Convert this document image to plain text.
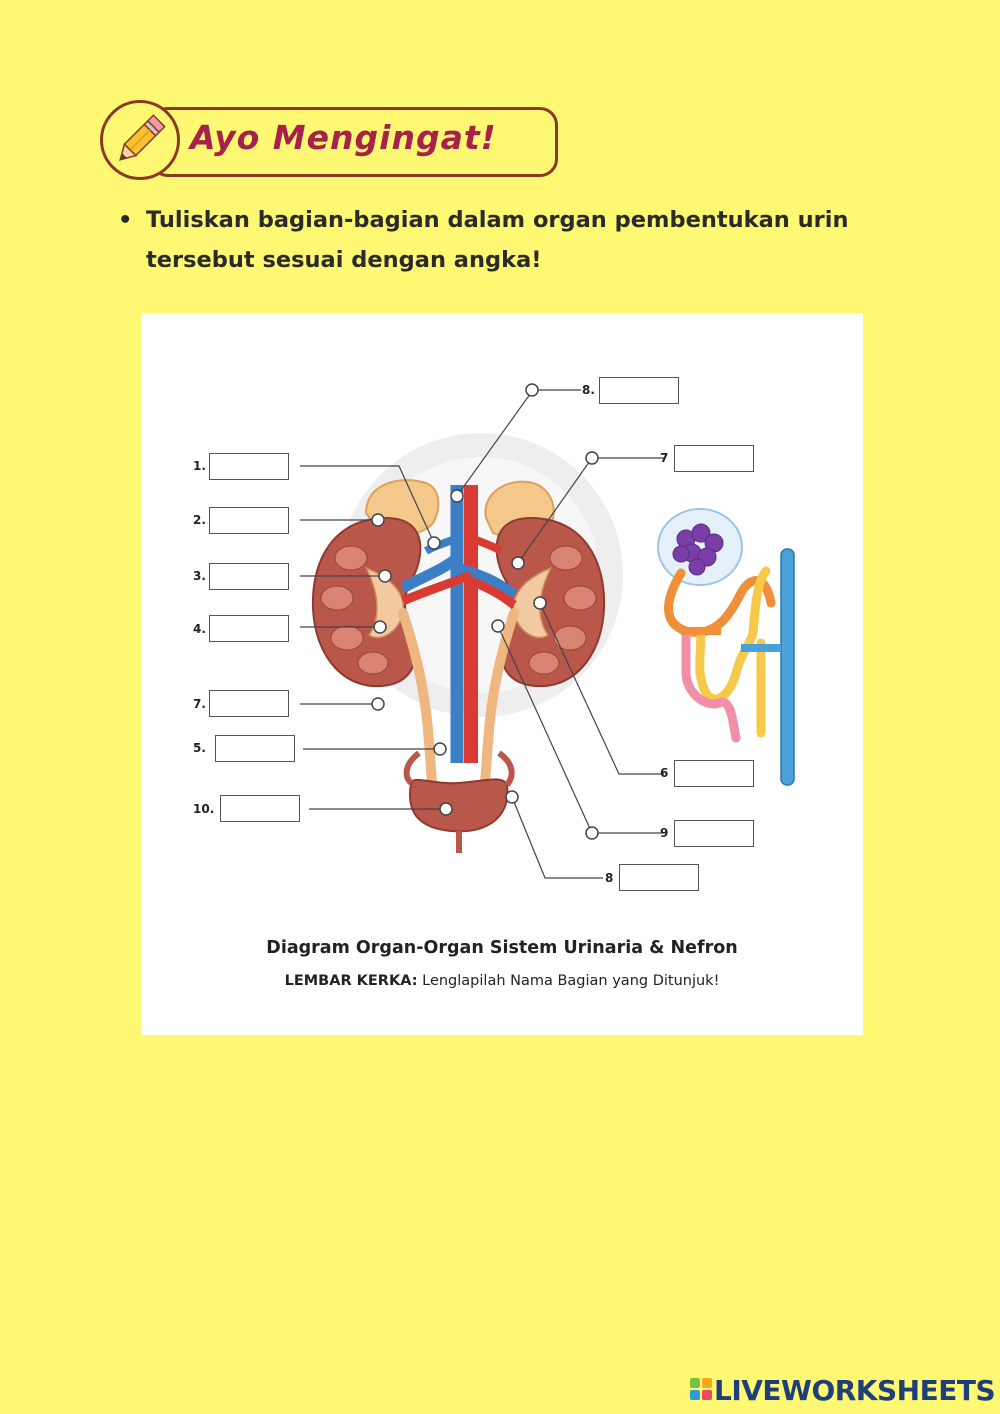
Ayo Mengingat!
• Tuliskan bagian-bagian dalam organ pembentukan urin tersebut sesuai dengan angka!
1.
2.
3.
4.
7.
5.
10.
8.
7
6
9
8
Diagram Organ-Organ Sistem Urinaria & Nefron
LEMBAR KERKA: Lenglapilah Nama Bagian yang Ditunjuk!
LIVEWORKSHEETS
